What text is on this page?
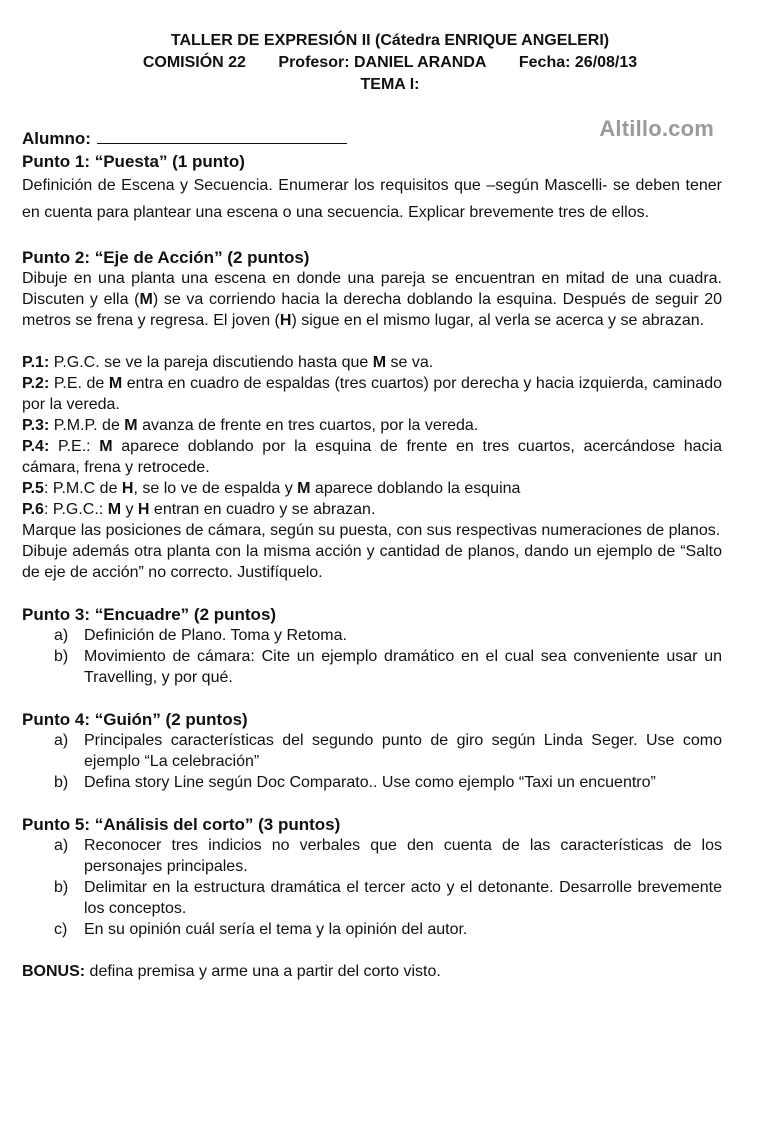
TALLER DE EXPRESIÓN II (Cátedra ENRIQUE ANGELERI)
COMISIÓN 22 Profesor: DANIEL ARANDA Fecha: 26/08/13
TEMA I:
Altillo.com
Alumno:
Punto 1: “Puesta” (1 punto)
Definición de Escena y Secuencia. Enumerar los requisitos que –según Mascelli- se deben tener en cuenta para plantear una escena o una secuencia. Explicar brevemente tres de ellos.
Punto 2: “Eje de Acción” (2 puntos)
Dibuje en una planta una escena en donde una pareja se encuentran en mitad de una cuadra. Discuten y ella (M) se va corriendo hacia la derecha doblando la esquina. Después de seguir 20 metros se frena y regresa. El joven (H) sigue en el mismo lugar, al verla se acerca y se abrazan.
P.1: P.G.C. se ve la pareja discutiendo hasta que M se va.
P.2: P.E. de M entra en cuadro de espaldas (tres cuartos) por derecha y hacia izquierda, caminado por la vereda.
P.3: P.M.P. de M avanza de frente en tres cuartos, por la vereda.
P.4: P.E.: M aparece doblando por la esquina de frente en tres cuartos, acercándose hacia cámara, frena y retrocede.
P.5: P.M.C de H, se lo ve de espalda y M aparece doblando la esquina
P.6: P.G.C.: M y H entran en cuadro y se abrazan.
Marque las posiciones de cámara, según su puesta, con sus respectivas numeraciones de planos.
Dibuje además otra planta con la misma acción y cantidad de planos, dando un ejemplo de “Salto de eje de acción” no correcto. Justifíquelo.
Punto 3: “Encuadre” (2 puntos)
a) Definición de Plano. Toma y Retoma.
b) Movimiento de cámara: Cite un ejemplo dramático en el cual sea conveniente usar un Travelling, y por qué.
Punto 4: “Guión” (2 puntos)
a) Principales características del segundo punto de giro según Linda Seger. Use como ejemplo “La celebración”
b) Defina story Line según Doc Comparato.. Use como ejemplo “Taxi un encuentro”
Punto 5: “Análisis del corto” (3 puntos)
a) Reconocer tres indicios no verbales que den cuenta de las características de los personajes principales.
b) Delimitar en la estructura dramática el tercer acto y el detonante. Desarrolle brevemente los conceptos.
c) En su opinión cuál sería el tema y la opinión del autor.
BONUS: defina premisa y arme una a partir del corto visto.
